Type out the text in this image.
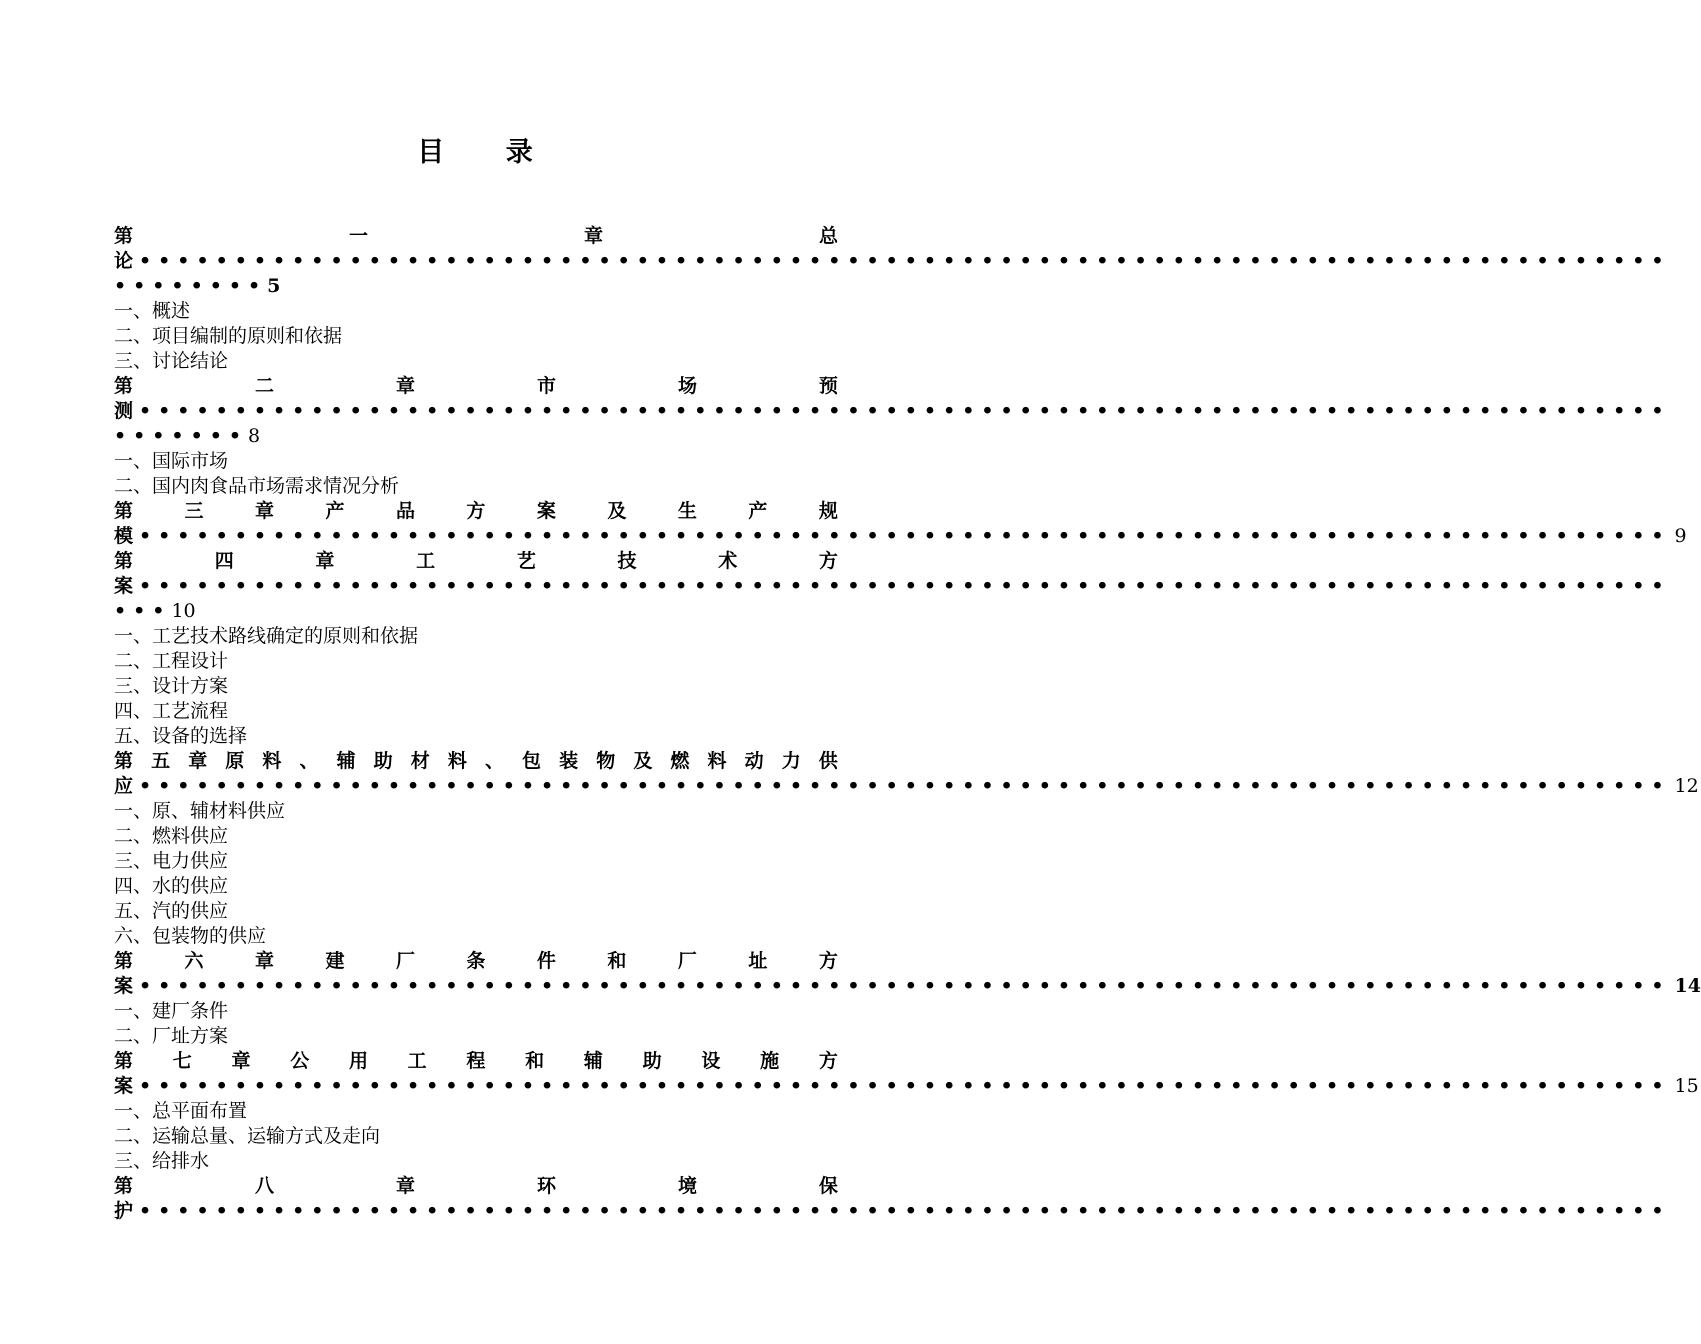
目 录
第	一	章	总
论 ••••••••••••••••••••••••••••••••••••••••••••••••••••••••••••••••••••••••••••••••
••••••••5
一、概述
二、项目编制的原则和依据
三、讨论结论
第	二	章	市	场	预
测 ••••••••••••••••••••••••••••••••••••••••••••••••••••••••••••••••••••••••••••••••
•••••••8
一、国际市场
二、国内肉食品市场需求情况分析
第	三	章	产	品	方	案	及	生	产	规
模 •••••••••••••••••••••••••••••••••••••••••••••••••••••••••••••••••••••••••••••••• 9
第	四	章	工	艺	技	术	方
案 ••••••••••••••••••••••••••••••••••••••••••••••••••••••••••••••••••••••••••••••••
•••10
一、工艺技术路线确定的原则和依据
二、工程设计
三、设计方案
四、工艺流程
五、设备的选择
第 五 章 原 料 、 辅 助 材 料 、 包 装 物 及 燃 料 动 力 供
应 •••••••••••••••••••••••••••••••••••••••••••••••••••••••••••••••••••••••••••••••• 12
一、原、辅材料供应
二、燃料供应
三、电力供应
四、水的供应
五、汽的供应
六、包装物的供应
第	六	章	建	厂	条	件	和	厂	址	方
案 •••••••••••••••••••••••••••••••••••••••••••••••••••••••••••••••••••••••••••••••• 14
一、建厂条件
二、厂址方案
第 七 章 公 用 工 程 和 辅 助 设 施 方
案 •••••••••••••••••••••••••••••••••••••••••••••••••••••••••••••••••••••••••••••••• 15
一、总平面布置
二、运输总量、运输方式及走向
三、给排水
第	八	章	环	境	保
护 ••••••••••••••••••••••••••••••••••••••••••••••••••••••••••••••••••••••••••••••••
